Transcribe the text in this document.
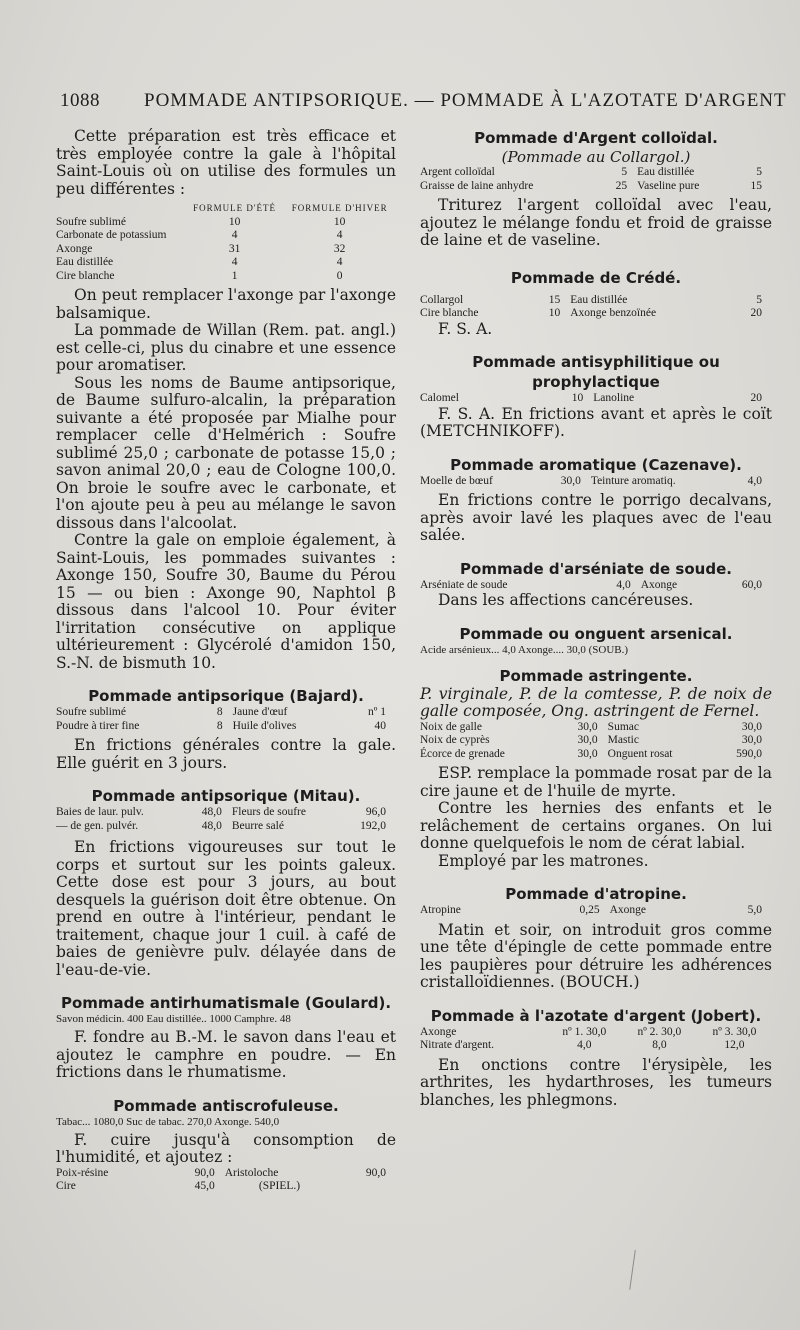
1088 POMMADE ANTIPSORIQUE. — POMMADE À L'AZOTATE D'ARGENT

Cette préparation est très efficace et très employée contre la gale à l'hôpital Saint-Louis où on utilise des formules un peu différentes :

	FORMULE D'ÉTÉ	FORMULE D'HIVER
Soufre sublimé	10	10
Carbonate de potassium	4	4
Axonge	31	32
Eau distillée	4	4
Cire blanche	1	0

On peut remplacer l'axonge par l'axonge balsamique.

La pommade de Willan (Rem. pat. angl.) est celle-ci, plus du cinabre et une essence pour aromatiser.

Sous les noms de Baume antipsorique, de Baume sulfuro-alcalin, la préparation suivante a été proposée par Mialhe pour remplacer celle d'Helmérich : Soufre sublimé 25,0 ; carbonate de potasse 15,0 ; savon animal 20,0 ; eau de Cologne 100,0. On broie le soufre avec le carbonate, et l'on ajoute peu à peu au mélange le savon dissous dans l'alcoolat.

Contre la gale on emploie également, à Saint-Louis, les pommades suivantes : Axonge 150, Soufre 30, Baume du Pérou 15 — ou bien : Axonge 90, Naphtol β dissous dans l'alcool 10. Pour éviter l'irritation consécutive on applique ultérieurement : Glycérolé d'amidon 150, S.-N. de bismuth 10.

Pommade antipsorique (Bajard).
Soufre sublimé	8	Jaune d'œuf	nº 1
Poudre à tirer fine	8	Huile d'olives	40

En frictions générales contre la gale. Elle guérit en 3 jours.

Pommade antipsorique (Mitau).
Baies de laur. pulv.	48,0	Fleurs de soufre	96,0
— de gen. pulvér.	48,0	Beurre salé	192,0

En frictions vigoureuses sur tout le corps et surtout sur les points galeux. Cette dose est pour 3 jours, au bout desquels la guérison doit être obtenue. On prend en outre à l'intérieur, pendant le traitement, chaque jour 1 cuil. à café de baies de genièvre pulv. délayée dans de l'eau-de-vie.

Pommade antirhumatismale (Goulard).
Savon médicin. 400 Eau distillée.. 1000 Camphre. 48

F. fondre au B.-M. le savon dans l'eau et ajoutez le camphre en poudre. — En frictions dans le rhumatisme.

Pommade antiscrofuleuse.
Tabac... 1080,0 Suc de tabac. 270,0 Axonge. 540,0

F. cuire jusqu'à consomption de l'humidité, et ajoutez :

Poix-résine	90,0	Aristoloche	90,0
Cire	45,0	(SPIEL.)	
Pommade d'Argent colloïdal.
(Pommade au Collargol.)
Argent colloïdal	5	Eau distillée	5
Graisse de laine anhydre	25	Vaseline pure	15

Triturez l'argent colloïdal avec l'eau, ajoutez le mélange fondu et froid de graisse de laine et de vaseline.

Pommade de Crédé.
Collargol	15	Eau distillée	5
Cire blanche	10	Axonge benzoïnée	20

F. S. A.

Pommade antisyphilitique ou prophylactique
Calomel	10	Lanoline	20

F. S. A. En frictions avant et après le coït (METCHNIKOFF).

Pommade aromatique (Cazenave).
Moelle de bœuf	30,0	Teinture aromatiq.	4,0

En frictions contre le porrigo decalvans, après avoir lavé les plaques avec de l'eau salée.

Pommade d'arséniate de soude.
Arséniate de soude	4,0	Axonge	60,0

Dans les affections cancéreuses.

Pommade ou onguent arsenical.
Acide arsénieux... 4,0 Axonge.... 30,0 (SOUB.)
Pommade astringente.

P. virginale, P. de la comtesse, P. de noix de galle composée, Ong. astringent de Fernel.

Noix de galle	30,0	Sumac	30,0
Noix de cyprès	30,0	Mastic	30,0
Écorce de grenade	30,0	Onguent rosat	590,0

ESP. remplace la pommade rosat par de la cire jaune et de l'huile de myrte.

Contre les hernies des enfants et le relâchement de certains organes. On lui donne quelquefois le nom de cérat labial.

Employé par les matrones.

Pommade d'atropine.
Atropine	0,25	Axonge	5,0

Matin et soir, on introduit gros comme une tête d'épingle de cette pommade entre les paupières pour détruire les adhérences cristalloïdiennes. (BOUCH.)

Pommade à l'azotate d'argent (Jobert).
Axonge	nº 1. 30,0	nº 2. 30,0	nº 3. 30,0
Nitrate d'argent.	4,0	8,0	12,0

En onctions contre l'érysipèle, les arthrites, les hydarthroses, les tumeurs blanches, les phlegmons.
